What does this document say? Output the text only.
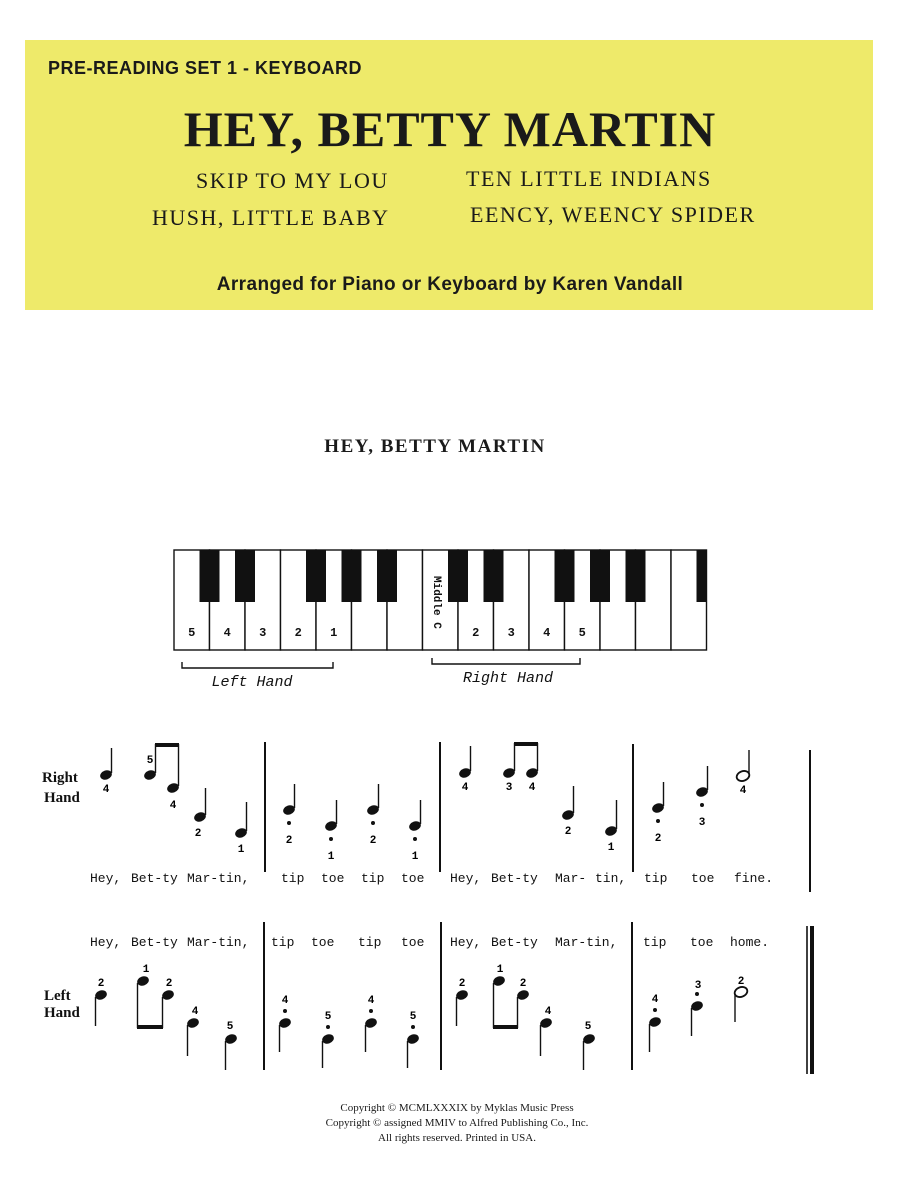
PRE-READING SET 1 - KEYBOARD
HEY, BETTY MARTIN
SKIP TO MY LOU	TEN LITTLE INDIANS
HUSH, LITTLE BABY	EENCY, WEENCY SPIDER
Arranged for Piano or Keyboard by Karen Vandall
HEY, BETTY MARTIN
5 4 3 2 1	2 3 4 5
Middle C
Left Hand	Right Hand
Right
Hand
Left
Hand
4
5
4
2
1
2
1
2
1
4	3 4
2
1
2
3
4
Hey, Bet-ty Mar-tin, tip toe tip toe Hey, Bet-ty Mar- tin, tip toe fine.
Hey, Bet-ty Mar-tin, tip toe tip toe Hey, Bet-ty Mar-tin, tip toe home.
2
1
2
4
5
4
5
4
5
2
1
2
4
5
4
3	2
Copyright © MCMLXXXIX by Myklas Music Press
Copyright © assigned MMIV to Alfred Publishing Co., Inc.
All rights reserved. Printed in USA.
